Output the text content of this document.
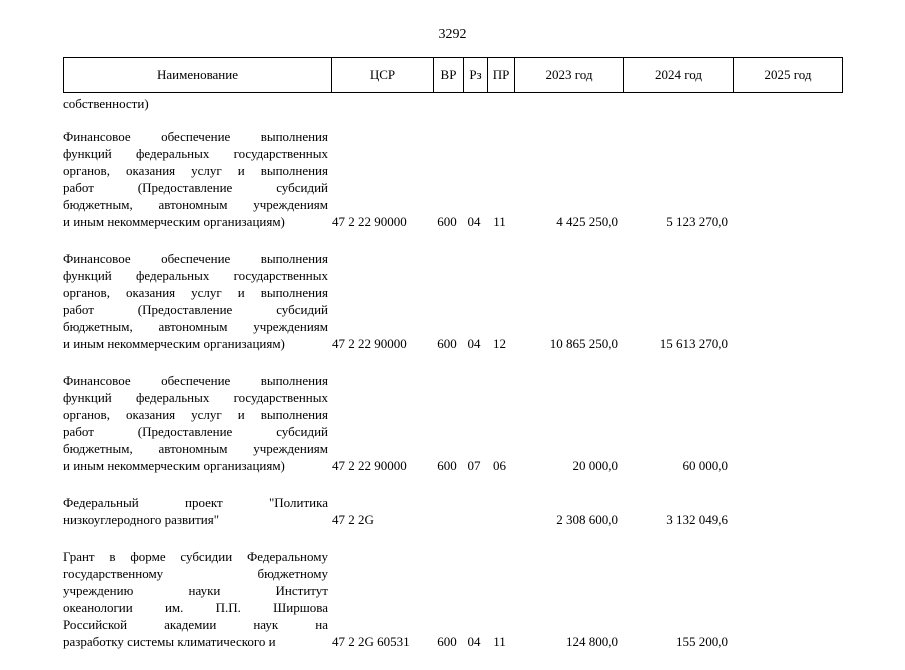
3292
Наименование	ЦСР	ВР Рз ПР	2023 год	2024 год	2025 год
собственности)
Финансовое обеспечение выполнения
функций федеральных государственных
органов, оказания услуг и выполнения
работ (Предоставление субсидий
бюджетным, автономным учреждениям
и иным некоммерческим организациям)	47 2 22 90000	600 04 11	4 425 250,0	5 123 270,0
Финансовое обеспечение выполнения
функций федеральных государственных
органов, оказания услуг и выполнения
работ (Предоставление субсидий
бюджетным, автономным учреждениям
и иным некоммерческим организациям)	47 2 22 90000	600 04 12	10 865 250,0	15 613 270,0
Финансовое обеспечение выполнения
функций федеральных государственных
органов, оказания услуг и выполнения
работ (Предоставление субсидий
бюджетным, автономным учреждениям
и иным некоммерческим организациям)	47 2 22 90000	600 07 06	20 000,0	60 000,0
Федеральный проект "Политика
низкоуглеродного развития"	47 2 2G	2 308 600,0	3 132 049,6
Грант в форме субсидии Федеральному
государственному бюджетному
учреждению науки Институт
океанологии им. П.П. Ширшова
Российской академии наук на
разработку системы климатического и	47 2 2G 60531	600 04 11	124 800,0	155 200,0
